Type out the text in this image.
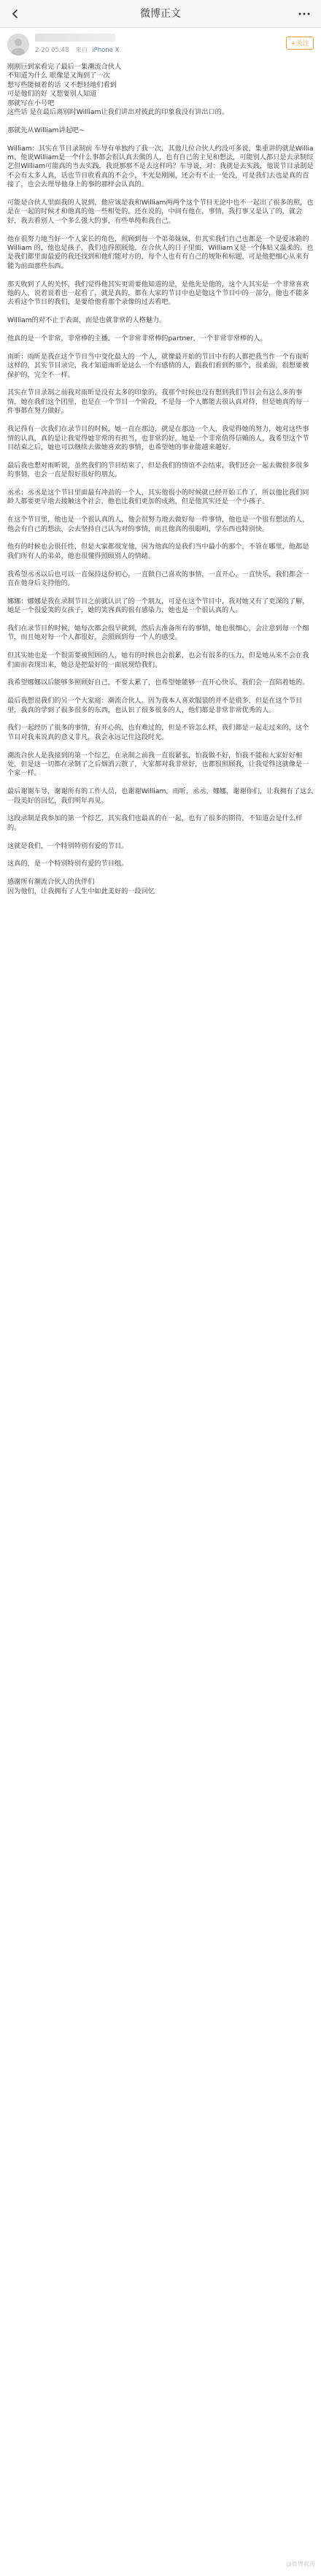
微博正文
2-20 05:48 来自 iPhone X
+关注

刚刚巨到家看完了最后一集潮流合伙人
不知道为什么 眼像是又淘到了一次
想写些能倾着的话 又不想轻地们看到
可是他们的好 又想要别人知道
那就写在小号吧
这些话 是在最后离别时William让我们讲出对彼此的印象我没有讲出口的。

那就先从William讲起吧~

William：其实在节目录制前 车导有单独约了我一次，其他几位合伙人约没可多说，集重讲的就是William。他说William是一个什么事都会很认真去做的人，也有自己的主见和想法，可能别人都只是去录制综艺但William可能真的当去实践，我说那那不是去这样吗？车导说，对：我就是去实践，他说节目录制是不会有太多人真，话也节目收看真的不会少，不光是刚刚，还会有不止一处没，可是我们去也是真的直接了，也会去理导他身上的事的那样会认真的。

可能是合伙人里面我的人说到，他应该是我和William两两个这个节目无论中也不一起出了很多的照，也是在一起的时候才和他真的他一些相处的。还在说的，中间有他在，事情，我打事又是认了的，就会好，我去看别人一个多么强大的事，有些单纯和我自己。

他在很努力地当好一个人家长的角色，照顾到每一个弟弟妹妹，但其实我们自己也都是一个是爱冰箱的 William 的，他也是孩子，我们也得照顾他，在合伙人的日子里面，William又是一个体贴又温柔的。也是我们都里面最爱的我还找到和他们能对方的，每个人也有有自己的规矩和标题，可是他把细心从来有能为前面那些东西。

那天收到了人的关怀，我们觉得他其实更需要他知道的是，是他先是他的，这个人其实是一个非常喜欢他的人，说着说着也一起看了，就是真的，都在大家的节目中也是他这个节目中的一部分，他也不能多去看这个节目的我们，是要给他看那个录像的过去看吧。

William的对不止于表面，而是也就非常的人格魅力。

他真的是一个非常，非常棒的主播，一个非常非常棒的partner，一个非常非常棒的人。

雨昕：雨昕是我在这个节目当中变化最大的一个人，就像最开始的节目中有的人都把我当作一个有雨昕这样的，其实节目录完，我才知道雨昕是这么一个有感情的人，跟我们看到的那个，很柔弱，很想要被保护的，完全不一样。

其实在节目录制之前我对雨昕是没有太多的印象的，我那个时候也没有想到我们节目会有这么多的事情，她在我们这个团里，也是在一个节目一个阶段，不是每一个人都能去很认真对待，但是她真的每一件事都在努力做好。

我记得有一次我们在录节目的时候，她一直在那边，就是在那边一个人，我觉得她的努力，她对这些事情的认真，真的是让我觉得她非常的有担当，也非常的好，她是一个非常值得信赖的人，我希望这个节目结束之后，她也可以继续去做她喜欢的事情，也希望她的事业能越来越好。

最后我也想对雨昕说，虽然我们的节目结束了，但是我们的情谊不会结束，我们还会一起去做很多很多的事情，也会一直是很好很好的朋友。

丞丞：丞丞是这个节目里面最有冲劲的一个人，其实他很小的时候就已经开始工作了，所以他比我们同龄人都要更早地去接触这个社会，他也比我们更加的成熟，但是他其实还是一个小孩子。

在这个节目里，他也是一个很认真的人，他会很努力地去做好每一件事情，他也是一个很有想法的人，他会有自己的想法，会去坚持自己认为对的事情，而且他真的很聪明，学东西也特别快。

他有的时候也会很任性，但是大家都很宠他，因为他真的是我们当中最小的那个，不管在哪里，他都是我们所有人的弟弟，他也很懂得照顾别人的情绪。

我希望丞丞以后也可以一直保持这份初心，一直做自己喜欢的事情，一直开心，一直快乐，我们都会一直在他身后支持他的。

娜娜：娜娜是我在录制节目之前就认识了的一个朋友，可是在这个节目中，我对她又有了更深的了解，她是一个很爱笑的女孩子，她的笑容真的很有感染力，她也是一个很认真的人。

我们在录节目的时候，她每次都会很早就到，然后去准备所有的事情，她也很细心，会注意到每一个细节，而且她对每一个人都很好，会照顾到每一个人的感受。

但其实她也是一个很需要被照顾的人，她有的时候也会很累，也会有很多的压力，但是她从来不会在我们面前表现出来，她总是把最好的一面展现给我们。

我希望娜娜以后能够多照顾好自己，不要太累了，也希望她能够一直开心快乐，我们会一直陪着她的。

最后我想说我们的另一个大家庭：潮流合伙人。因为我本人喜欢服装的并不是很多，但是在这个节目里，我真的学到了很多很多的东西，也认识了很多很多的人，他们都是非常非常优秀的人。

我们一起经历了很多的事情，有开心的，也有难过的，但是不管怎么样，我们都是一起走过来的，这个节目对我来说真的意义非凡，我会永远记住这段时光。

潮流合伙人是我接到的第一个综艺，在录制之前我一直很紧张，怕我做不好，怕我不能和大家好好相处，但是这一切都在录制了之后烟消云散了，大家都对我非常好，也都很照顾我，让我觉得这就像是一个家一样。

最后谢谢车导，谢谢所有的工作人员，也谢谢William，雨昕，丞丞，娜娜，谢谢你们，让我拥有了这么一段美好的回忆，我们明年再见。

这段录制是我参加的第一个综艺，其实我们也最真的在一起，也有了很多的期待，不知道会是什么样的。

这就是我们，一个特别特别有爱的节目。

这真的，是一个特别特别有爱的节目组。

感谢所有潮流合伙人的伙伴们

因为他们，让我拥有了人生中如此美好的一段回忆

@微博截图
